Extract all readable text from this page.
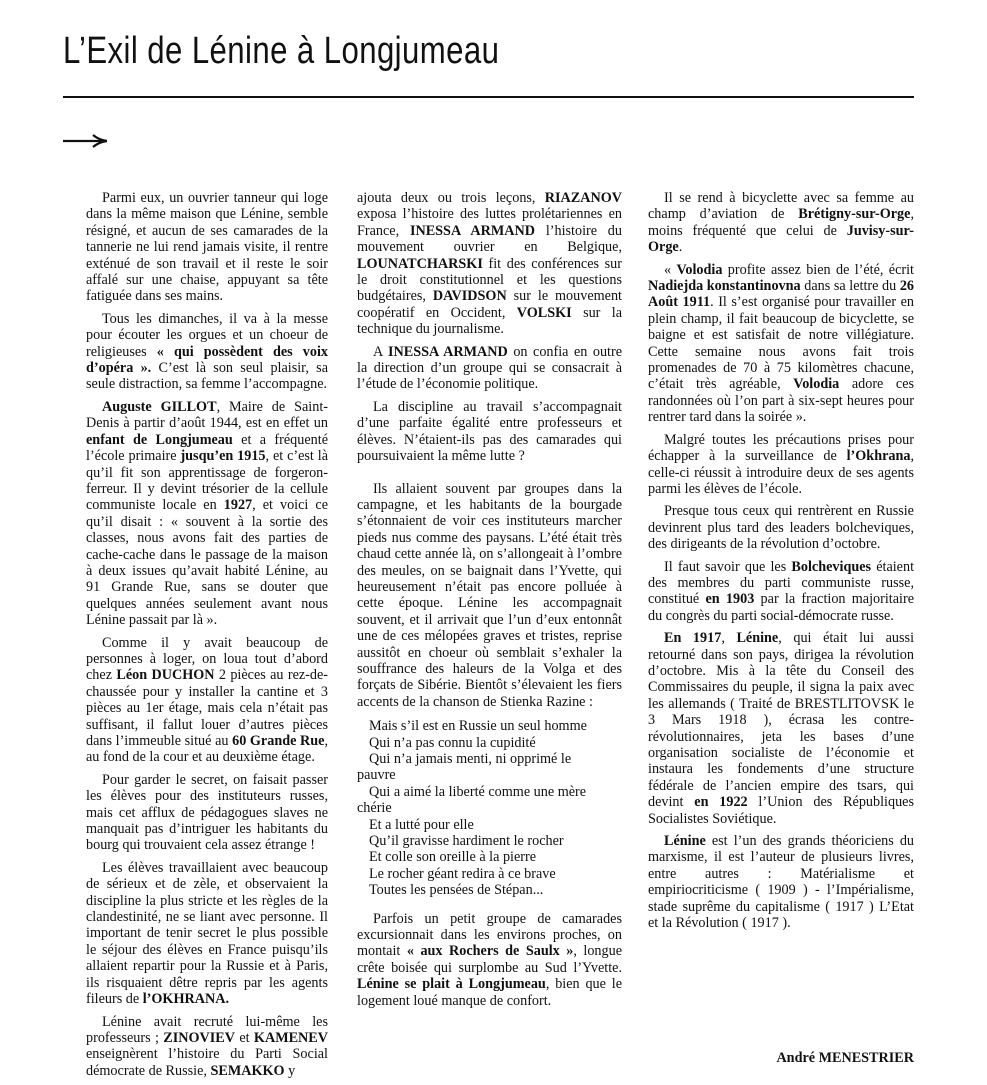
L’Exil de Lénine à Longjumeau

Parmi eux, un ouvrier tanneur qui loge dans la même maison que Lénine, semble résigné, et aucun de ses camarades de la tannerie ne lui rend jamais visite, il rentre exténué de son travail et il reste le soir affalé sur une chaise, appuyant sa tête fatiguée dans ses mains.

Tous les dimanches, il va à la messe pour écouter les orgues et un choeur de religieuses « qui possèdent des voix d’opéra ». C’est là son seul plaisir, sa seule distraction, sa femme l’accompagne.

Auguste GILLOT, Maire de Saint-Denis à partir d’août 1944, est en effet un enfant de Longjumeau et a fréquenté l’école primaire jusqu’en 1915, et c’est là qu’il fit son apprentissage de forgeron-ferreur. Il y devint trésorier de la cellule communiste locale en 1927, et voici ce qu’il disait : « souvent à la sortie des classes, nous avons fait des parties de cache-cache dans le passage de la maison à deux issues qu’avait habité Lénine, au 91 Grande Rue, sans se douter que quelques années seulement avant nous Lénine passait par là ».

Comme il y avait beaucoup de personnes à loger, on loua tout d’abord chez Léon DUCHON 2 pièces au rez-de-chaussée pour y installer la cantine et 3 pièces au 1er étage, mais cela n’était pas suffisant, il fallut louer d’autres pièces dans l’immeuble situé au 60 Grande Rue, au fond de la cour et au deuxième étage.

Pour garder le secret, on faisait passer les élèves pour des instituteurs russes, mais cet afflux de pédagogues slaves ne manquait pas d’intriguer les habitants du bourg qui trouvaient cela assez étrange !

Les élèves travaillaient avec beaucoup de sérieux et de zèle, et observaient la discipline la plus stricte et les règles de la clandestinité, ne se liant avec personne. Il important de tenir secret le plus possible le séjour des élèves en France puisqu’ils allaient repartir pour la Russie et à Paris, ils risquaient dêtre repris par les agents fileurs de l’OKHRANA.

Lénine avait recruté lui-même les professeurs ; ZINOVIEV et KAMENEV enseignèrent l’histoire du Parti Social démocrate de Russie, SEMAKKO y

ajouta deux ou trois leçons, RIAZANOV exposa l’histoire des luttes prolétariennes en France, INESSA ARMAND l’histoire du mouvement ouvrier en Belgique, LOUNATCHARSKI fit des conférences sur le droit constitutionnel et les questions budgétaires, DAVIDSON sur le mouvement coopératif en Occident, VOLSKI sur la technique du journalisme.

A INESSA ARMAND on confia en outre la direction d’un groupe qui se consacrait à l’étude de l’économie politique.

La discipline au travail s’accompagnait d’une parfaite égalité entre professeurs et élèves. N’étaient-ils pas des camarades qui poursuivaient la même lutte ?

Ils allaient souvent par groupes dans la campagne, et les habitants de la bourgade s’étonnaient de voir ces instituteurs marcher pieds nus comme des paysans. L’été était très chaud cette année là, on s’allongeait à l’ombre des meules, on se baignait dans l’Yvette, qui heureusement n’était pas encore polluée à cette époque. Lénine les accompagnait souvent, et il arrivait que l’un d’eux entonnât une de ces mélopées graves et tristes, reprise aussitôt en choeur où semblait s’exhaler la souffrance des haleurs de la Volga et des forçats de Sibérie. Bientôt s’élevaient les fiers accents de la chanson de Stienka Razine :

Mais s’il est en Russie un seul homme
Qui n’a pas connu la cupidité
Qui n’a jamais menti, ni opprimé le
pauvre
Qui a aimé la liberté comme une mère
chérie
Et a lutté pour elle
Qu’il gravisse hardiment le rocher
Et colle son oreille à la pierre
Le rocher géant redira à ce brave
Toutes les pensées de Stépan...

Parfois un petit groupe de camarades excursionnait dans les environs proches, on montait « aux Rochers de Saulx », longue crête boisée qui surplombe au Sud l’Yvette. Lénine se plait à Longjumeau, bien que le logement loué manque de confort.

Il se rend à bicyclette avec sa femme au champ d’aviation de Brétigny-sur-Orge, moins fréquenté que celui de Juvisy-sur-Orge.

« Volodia profite assez bien de l’été, écrit Nadiejda konstantinovna dans sa lettre du 26 Août 1911. Il s’est organisé pour travailler en plein champ, il fait beaucoup de bicyclette, se baigne et est satisfait de notre villégiature. Cette semaine nous avons fait trois promenades de 70 à 75 kilomètres chacune, c’était très agréable, Volodia adore ces randonnées où l’on part à six-sept heures pour rentrer tard dans la soirée ».

Malgré toutes les précautions prises pour échapper à la surveillance de l’Okhrana, celle-ci réussit à introduire deux de ses agents parmi les élèves de l’école.

Presque tous ceux qui rentrèrent en Russie devinrent plus tard des leaders bolcheviques, des dirigeants de la révolution d’octobre.

Il faut savoir que les Bolcheviques étaient des membres du parti communiste russe, constitué en 1903 par la fraction majoritaire du congrès du parti social-démocrate russe.

En 1917, Lénine, qui était lui aussi retourné dans son pays, dirigea la révolution d’octobre. Mis à la tête du Conseil des Commissaires du peuple, il signa la paix avec les allemands ( Traité de BRESTLITOVSK le 3 Mars 1918 ), écrasa les contre-révolutionnaires, jeta les bases d’une organisation socialiste de l’économie et instaura les fondements d’une structure fédérale de l’ancien empire des tsars, qui devint en 1922 l’Union des Républiques Socialistes Soviétique.

Lénine est l’un des grands théoriciens du marxisme, il est l’auteur de plusieurs livres, entre autres : Matérialisme et empiriocriticisme ( 1909 ) - l’Impérialisme, stade suprême du capitalisme ( 1917 ) L’Etat et la Révolution ( 1917 ).

André MENESTRIER
